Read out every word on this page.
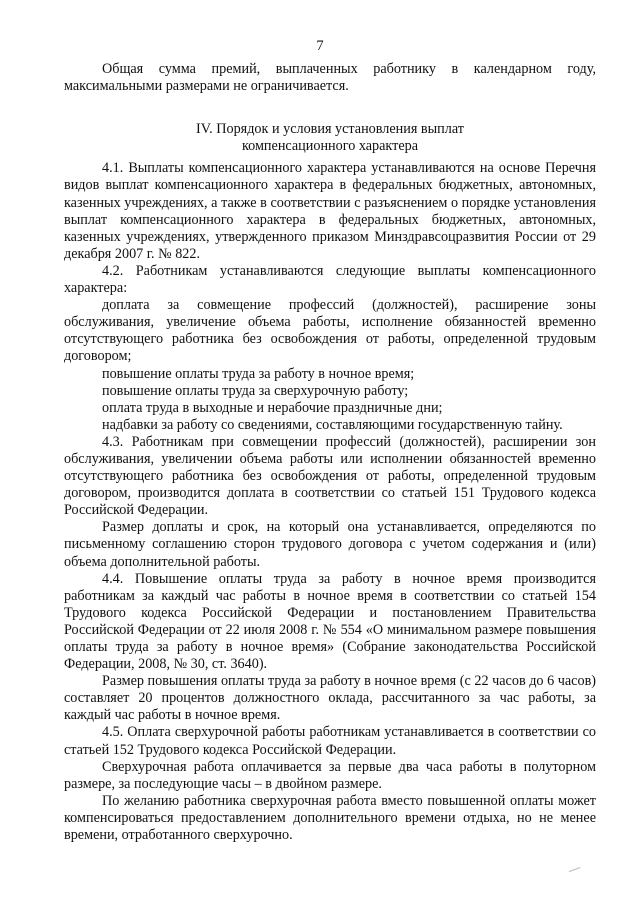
7

Общая сумма премий, выплаченных работнику в календарном году, максимальными размерами не ограничивается.

IV. Порядок и условия установления выплат

компенсационного характера

4.1. Выплаты компенсационного характера устанавливаются на основе Перечня видов выплат компенсационного характера в федеральных бюджетных, автономных, казенных учреждениях, а также в соответствии с разъяснением о порядке установления выплат компенсационного характера в федеральных бюджетных, автономных, казенных учреждениях, утвержденного приказом Минздравсоцразвития России от 29 декабря 2007 г. № 822.

4.2. Работникам устанавливаются следующие выплаты компенсационного характера:

доплата за совмещение профессий (должностей), расширение зоны обслуживания, увеличение объема работы, исполнение обязанностей временно отсутствующего работника без освобождения от работы, определенной трудовым договором;

повышение оплаты труда за работу в ночное время;

повышение оплаты труда за сверхурочную работу;

оплата труда в выходные и нерабочие праздничные дни;

надбавки за работу со сведениями, составляющими государственную тайну.

4.3. Работникам при совмещении профессий (должностей), расширении зон обслуживания, увеличении объема работы или исполнении обязанностей временно отсутствующего работника без освобождения от работы, определенной трудовым договором, производится доплата в соответствии со статьей 151 Трудового кодекса Российской Федерации.

Размер доплаты и срок, на который она устанавливается, определяются по письменному соглашению сторон трудового договора с учетом содержания и (или) объема дополнительной работы.

4.4. Повышение оплаты труда за работу в ночное время производится работникам за каждый час работы в ночное время в соответствии со статьей 154 Трудового кодекса Российской Федерации и постановлением Правительства Российской Федерации от 22 июля 2008 г. № 554 «О минимальном размере повышения оплаты труда за работу в ночное время» (Собрание законодательства Российской Федерации, 2008, № 30, ст. 3640).

Размер повышения оплаты труда за работу в ночное время (с 22 часов до 6 часов) составляет 20 процентов должностного оклада, рассчитанного за час работы, за каждый час работы в ночное время.

4.5. Оплата сверхурочной работы работникам устанавливается в соответствии со статьей 152 Трудового кодекса Российской Федерации.

Сверхурочная работа оплачивается за первые два часа работы в полуторном размере, за последующие часы – в двойном размере.

По желанию работника сверхурочная работа вместо повышенной оплаты может компенсироваться предоставлением дополнительного времени отдыха, но не менее времени, отработанного сверхурочно.
